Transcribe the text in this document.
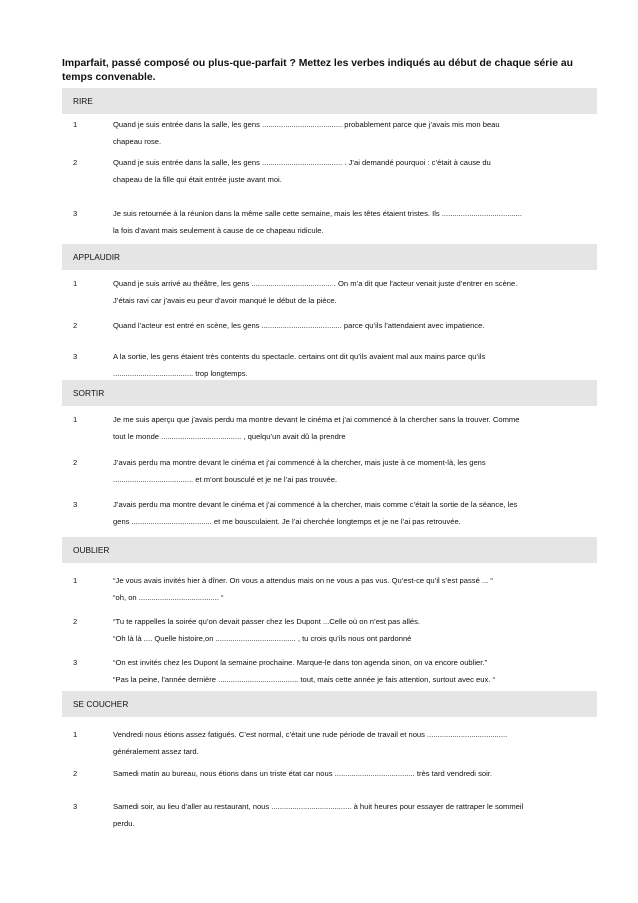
Imparfait, passé composé ou plus-que-parfait ? Mettez les verbes indiqués au début de chaque série au temps convenable.
RIRE
1	Quand je suis entrée dans la salle, les gens ...................................... probablement parce que j’avais mis mon beau
chapeau rose.
2	Quand je suis entrée dans la salle, les gens ...................................... . J’ai demandé pourquoi : c’était à cause du
chapeau de la fille qui était entrée juste avant moi.
3	Je suis retournée à la réunion dans la même salle cette semaine, mais les têtes étaient tristes. Ils ......................................
la fois d’avant mais seulement à cause de ce chapeau ridicule.
APPLAUDIR
1	Quand je suis arrivé au théâtre, les gens ...................................... . On m’a dit que l’acteur venait juste d’entrer en scène.
J’étais ravi car j’avais eu peur d’avoir manqué le début de la pièce.
2	Quand l’acteur est entré en scène, les gens ...................................... parce qu’ils l’attendaient avec impatience.
3	A la sortie, les gens étaient très contents du spectacle. certains ont dit qu’ils avaient mal aux mains parce qu’ils
...................................... trop longtemps.
SORTIR
1	Je me suis aperçu que j’avais perdu ma montre devant le cinéma et j’ai commencé à la chercher sans la trouver. Comme
tout le monde ...................................... , quelqu’un avait dû la prendre
2	J’avais perdu ma montre devant le cinéma et j’ai commencé à la chercher, mais juste à ce moment-là, les gens
...................................... et m’ont bousculé et je ne l’ai pas trouvée.
3	J’avais perdu ma montre devant le cinéma et j’ai commencé à la chercher, mais comme c’était la sortie de la séance, les
gens ...................................... et me bousculaient. Je l’ai cherchée longtemps et je ne l’ai pas retrouvée.
OUBLIER
1	“Je vous avais invités hier à dîner. On vous a attendus mais on ne vous a pas vus. Qu’est-ce qu’il s’est passé ... “
“oh, on ...................................... “
2	“Tu te rappelles la soirée qu’on devait passer chez les Dupont ...Celle où on n’est pas allés.
“Oh là là .... Quelle histoire,on ...................................... , tu crois qu’ils nous ont pardonné
3	“On est invités chez les Dupont la semaine prochaine. Marque-le dans ton agenda sinon, on va encore oublier.”
“Pas la peine, l’année dernière ...................................... tout, mais cette année je fais attention, surtout avec eux. “
SE COUCHER
1	Vendredi nous étions assez fatigués. C’est normal, c’était une rude période de travail et nous ......................................
généralement assez tard.
2	Samedi matin au bureau, nous étions dans un triste état car nous ...................................... très tard vendredi soir.
3	Samedi soir, au lieu d’aller au restaurant, nous ...................................... à huit heures pour essayer de rattraper le sommeil
perdu.
